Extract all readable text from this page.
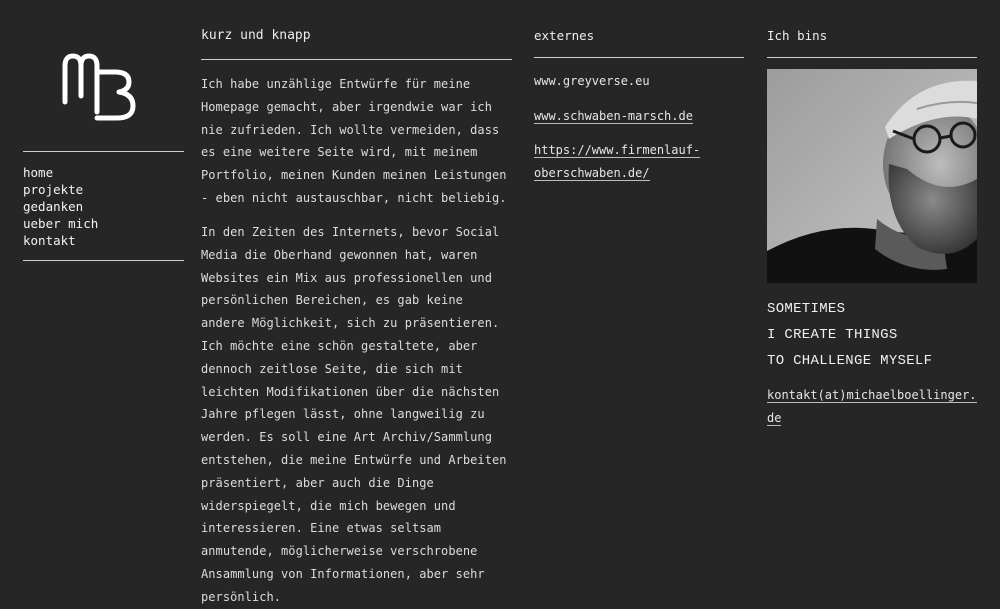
home
projekte
gedanken
ueber mich
kontakt
kurz und knapp

Ich habe unzählige Entwürfe für meine Homepage gemacht, aber irgendwie war ich nie zufrieden. Ich wollte vermeiden, dass es eine weitere Seite wird, mit meinem Portfolio, meinen Kunden meinen Leistungen - eben nicht austauschbar, nicht beliebig.

In den Zeiten des Internets, bevor Social Media die Oberhand gewonnen hat, waren Websites ein Mix aus professionellen und persönlichen Bereichen, es gab keine andere Möglichkeit, sich zu präsentieren. Ich möchte eine schön gestaltete, aber dennoch zeitlose Seite, die sich mit leichten Modifikationen über die nächsten Jahre pflegen lässt, ohne langweilig zu werden. Es soll eine Art Archiv/Sammlung entstehen, die meine Entwürfe und Arbeiten präsentiert, aber auch die Dinge widerspiegelt, die mich bewegen und interessieren. Eine etwas seltsam anmutende, möglicherweise verschrobene Ansammlung von Informationen, aber sehr persönlich.

externes
www.greyverse.eu
www.schwaben-marsch.de
https://www.firmenlauf-
oberschwaben.de/
Ich bins
SOMETIMES
I CREATE THINGS
TO CHALLENGE MYSELF
kontakt(at)michaelboellinger.de
